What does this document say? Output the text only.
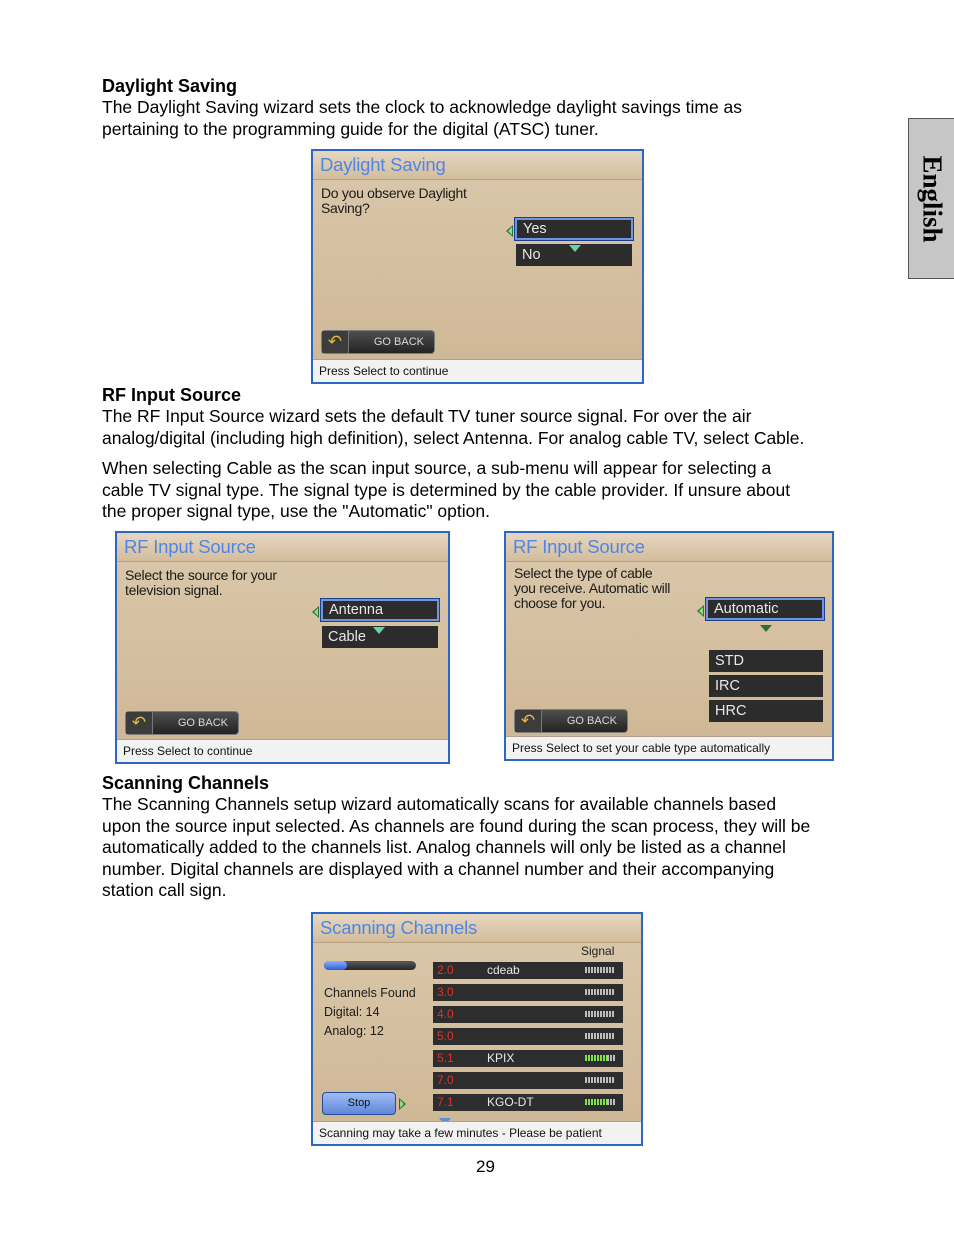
English
Daylight Saving
The Daylight Saving wizard sets the clock to acknowledge daylight savings time as
pertaining to the programming guide for the digital (ATSC) tuner.
Daylight Saving
Do you observe Daylight
Saving?
Yes
No
↶	GO BACK
Press Select to continue
RF Input Source
The RF Input Source wizard sets the default TV tuner source signal. For over the air
analog/digital (including high definition), select Antenna. For analog cable TV, select Cable.
When selecting Cable as the scan input source, a sub-menu will appear for selecting a
cable TV signal type. The signal type is determined by the cable provider. If unsure about
the proper signal type, use the "Automatic" option.
RF Input Source
Select the source for your
television signal.
Antenna
Cable
↶	GO BACK
Press Select to continue
RF Input Source
Select the type of cable
you receive. Automatic will
choose for you.	Automatic
STD
IRC
HRC
↶	GO BACK
Press Select to set your cable type automatically
Scanning Channels
The Scanning Channels setup wizard automatically scans for available channels based
upon the source input selected. As channels are found during the scan process, they will be
automatically added to the channels list. Analog channels will only be listed as a channel
number. Digital channels are displayed with a channel number and their accompanying
station call sign.
Scanning Channels
Signal
Channels Found
Digital: 14
Analog: 12
2.0	cdeab
3.0
4.0
5.0
5.1	KPIX
7.0
7.1	KGO-DT
Stop
Scanning may take a few minutes - Please be patient
29
